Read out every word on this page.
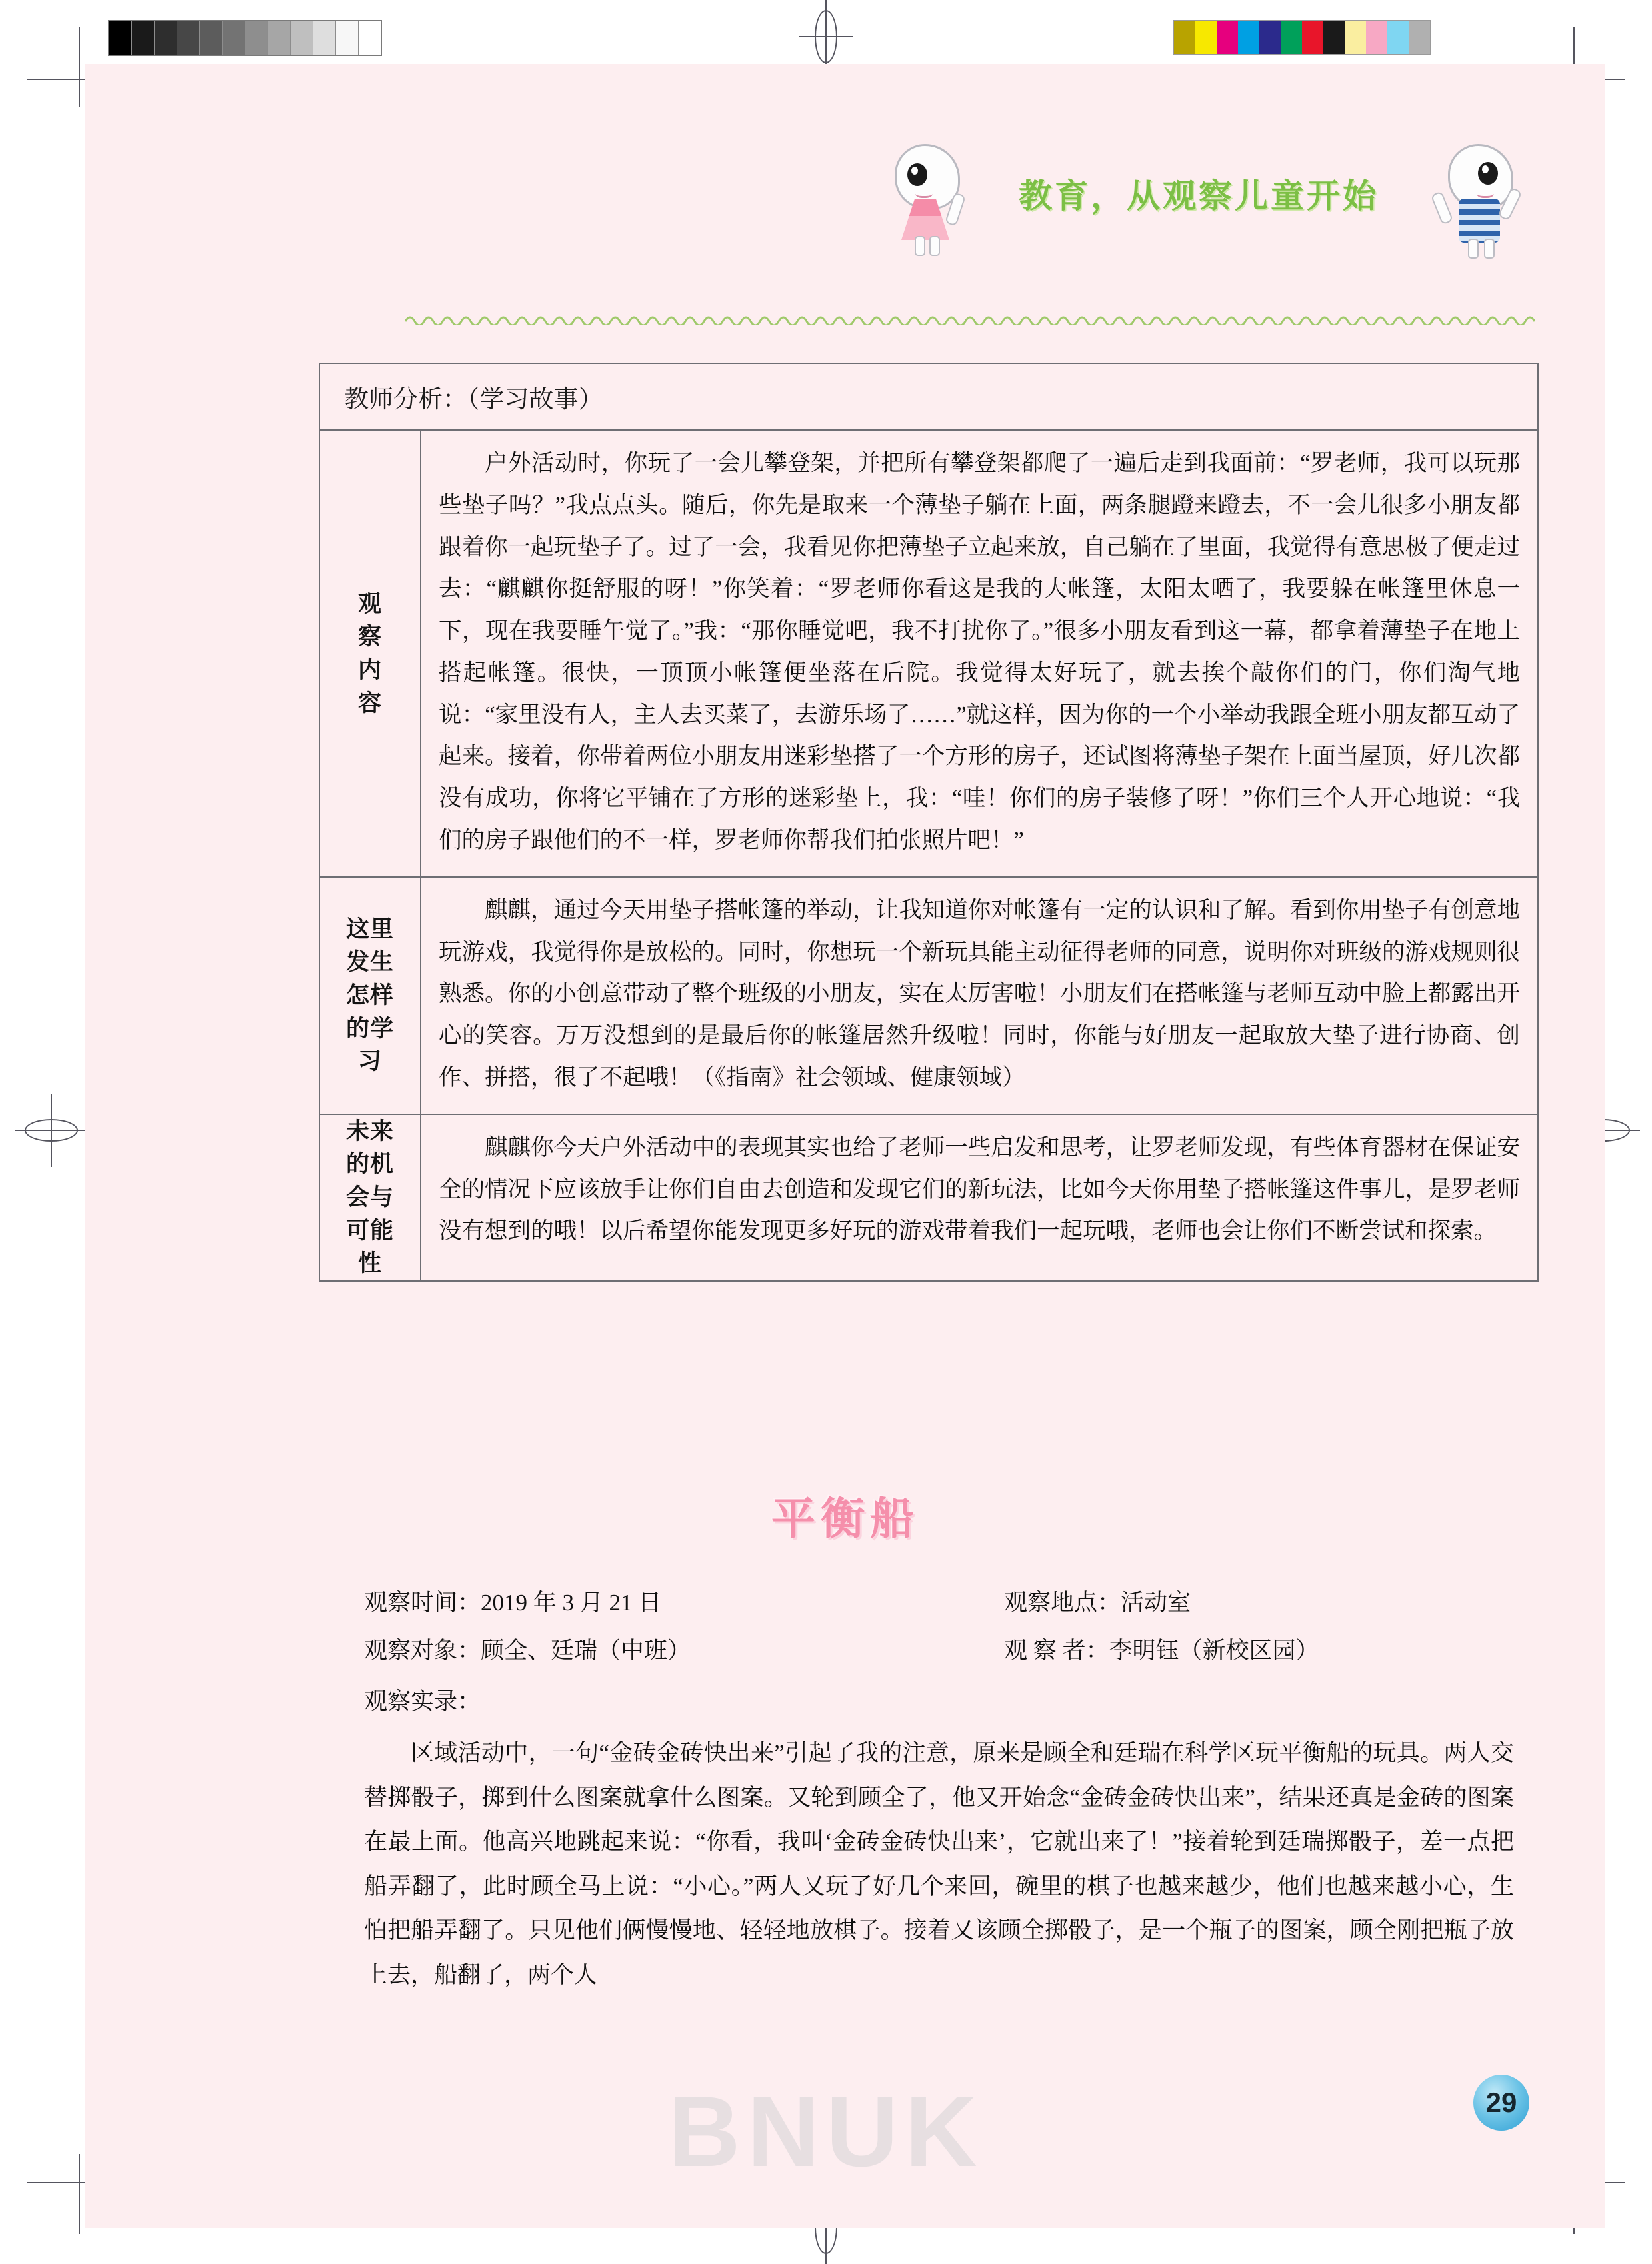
教育，从观察儿童开始
教师分析：（学习故事）
观察内容
户外活动时，你玩了一会儿攀登架，并把所有攀登架都爬了一遍后走到我面前：“罗老师，我可以玩那些垫子吗？”我点点头。随后，你先是取来一个薄垫子躺在上面，两条腿蹬来蹬去，不一会儿很多小朋友都跟着你一起玩垫子了。过了一会，我看见你把薄垫子立起来放，自己躺在了里面，我觉得有意思极了便走过去：“麒麒你挺舒服的呀！”你笑着：“罗老师你看这是我的大帐篷，太阳太晒了，我要躲在帐篷里休息一下，现在我要睡午觉了。”我：“那你睡觉吧，我不打扰你了。”很多小朋友看到这一幕，都拿着薄垫子在地上搭起帐篷。很快，一顶顶小帐篷便坐落在后院。我觉得太好玩了，就去挨个敲你们的门，你们淘气地说：“家里没有人，主人去买菜了，去游乐场了……”就这样，因为你的一个小举动我跟全班小朋友都互动了起来。接着，你带着两位小朋友用迷彩垫搭了一个方形的房子，还试图将薄垫子架在上面当屋顶，好几次都没有成功，你将它平铺在了方形的迷彩垫上，我：“哇！你们的房子装修了呀！”你们三个人开心地说：“我们的房子跟他们的不一样，罗老师你帮我们拍张照片吧！”
这里发生怎样的学习
麒麒，通过今天用垫子搭帐篷的举动，让我知道你对帐篷有一定的认识和了解。看到你用垫子有创意地玩游戏，我觉得你是放松的。同时，你想玩一个新玩具能主动征得老师的同意，说明你对班级的游戏规则很熟悉。你的小创意带动了整个班级的小朋友，实在太厉害啦！小朋友们在搭帐篷与老师互动中脸上都露出开心的笑容。万万没想到的是最后你的帐篷居然升级啦！同时，你能与好朋友一起取放大垫子进行协商、创作、拼搭，很了不起哦！（《指南》社会领域、健康领域）
未来的机会与可能性
麒麒你今天户外活动中的表现其实也给了老师一些启发和思考，让罗老师发现，有些体育器材在保证安全的情况下应该放手让你们自由去创造和发现它们的新玩法，比如今天你用垫子搭帐篷这件事儿，是罗老师没有想到的哦！以后希望你能发现更多好玩的游戏带着我们一起玩哦，老师也会让你们不断尝试和探索。
平衡船
观察时间：2019 年 3 月 21 日	观察地点：活动室
观察对象：顾全、廷瑞（中班）	观 察 者：李明钰（新校区园）
观察实录：
区域活动中，一句“金砖金砖快出来”引起了我的注意，原来是顾全和廷瑞在科学区玩平衡船的玩具。两人交替掷骰子，掷到什么图案就拿什么图案。又轮到顾全了，他又开始念“金砖金砖快出来”，结果还真是金砖的图案在最上面。他高兴地跳起来说：“你看，我叫‘金砖金砖快出来’，它就出来了！”接着轮到廷瑞掷骰子，差一点把船弄翻了，此时顾全马上说：“小心。”两人又玩了好几个来回，碗里的棋子也越来越少，他们也越来越小心，生怕把船弄翻了。只见他们俩慢慢地、轻轻地放棋子。接着又该顾全掷骰子，是一个瓶子的图案，顾全刚把瓶子放上去，船翻了，两个人
29
BNUK
